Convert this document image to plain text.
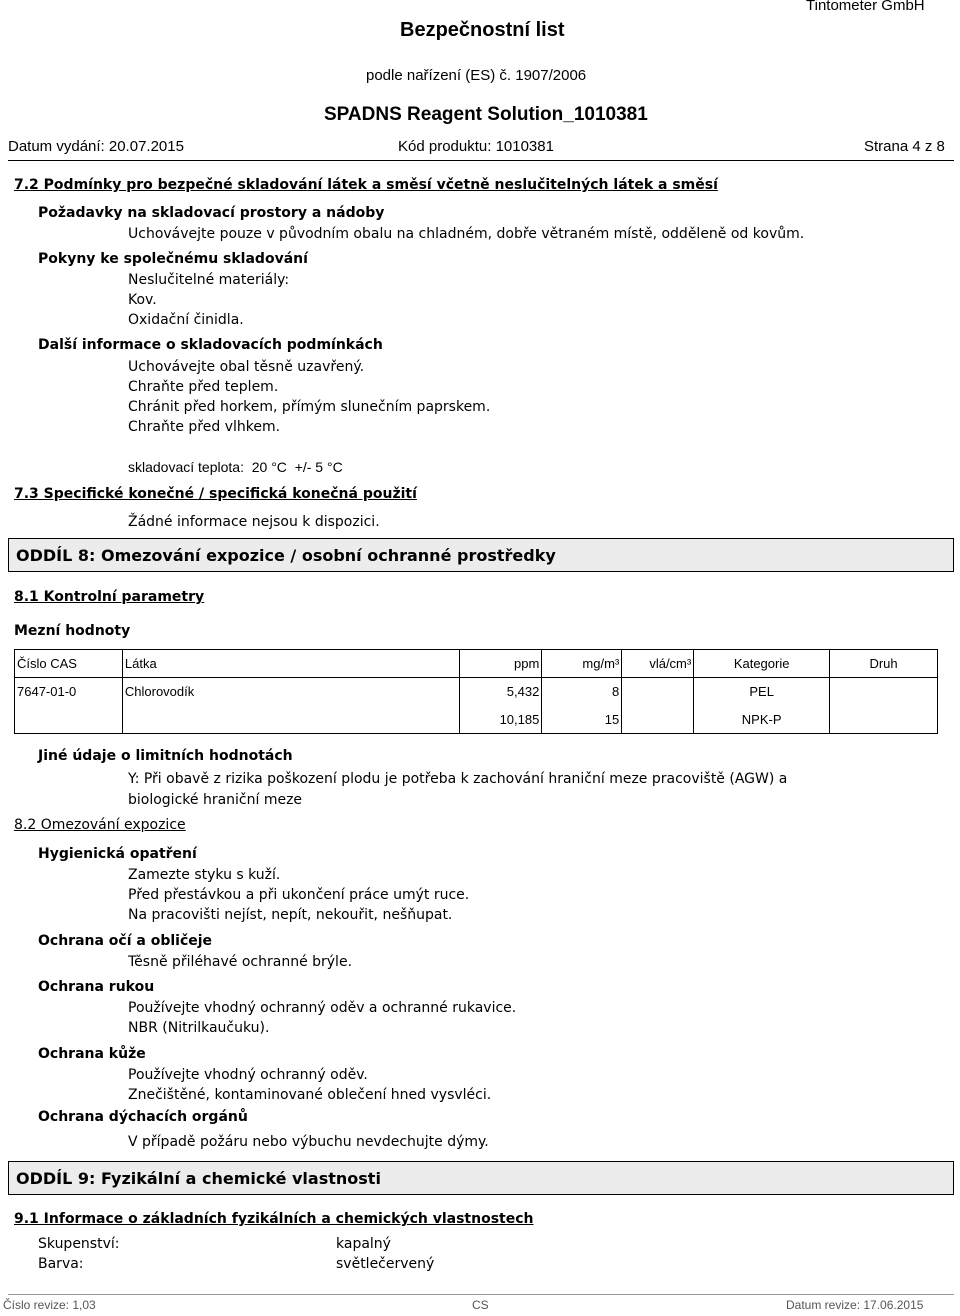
Bezpečnostní list
Tintometer GmbH
podle nařízení (ES) č. 1907/2006
SPADNS Reagent Solution_1010381
Datum vydání: 20.07.2015	Kód produktu: 1010381	Strana 4 z 8
7.2 Podmínky pro bezpečné skladování látek a směsí včetně neslučitelných látek a směsí
Požadavky na skladovací prostory a nádoby
Uchovávejte pouze v původním obalu na chladném, dobře větraném místě, odděleně od kovům.
Pokyny ke společnému skladování
Neslučitelné materiály:
Kov.
Oxidační činidla.
Další informace o skladovacích podmínkách
Uchovávejte obal těsně uzavřený.
Chraňte před teplem.
Chránit před horkem, přímým slunečním paprskem.
Chraňte před vlhkem.
skladovací teplota:  20 °C  +/- 5 °C
7.3 Specifické konečné / specifická konečná použití
Žádné informace nejsou k dispozici.
ODDÍL 8: Omezování expozice / osobní ochranné prostředky
8.1 Kontrolní parametry
Mezní hodnoty
Číslo CAS	Látka	ppm	mg/m³	vlá/cm³	Kategorie	Druh
7647-01-0	Chlorovodík	5,432	8		PEL	
		10,185	15		NPK-P	
Jiné údaje o limitních hodnotách
Y: Při obavě z rizika poškození plodu je potřeba k zachování hraniční meze pracoviště (AGW) a
biologické hraniční meze
8.2 Omezování expozice
Hygienická opatření
Zamezte styku s kuží.
Před přestávkou a při ukončení práce umýt ruce.
Na pracovišti nejíst, nepít, nekouřit, nešňupat.
Ochrana očí a obličeje
Těsně přiléhavé ochranné brýle.
Ochrana rukou
Používejte vhodný ochranný oděv a ochranné rukavice.
NBR (Nitrilkaučuku).
Ochrana kůže
Používejte vhodný ochranný oděv.
Znečištěné, kontaminované oblečení hned vysvléci.
Ochrana dýchacích orgánů
V případě požáru nebo výbuchu nevdechujte dýmy.
ODDÍL 9: Fyzikální a chemické vlastnosti
9.1 Informace o základních fyzikálních a chemických vlastnostech
Skupenství:	kapalný
Barva:	světlečervený
Číslo revize: 1,03	CS	Datum revize: 17.06.2015
